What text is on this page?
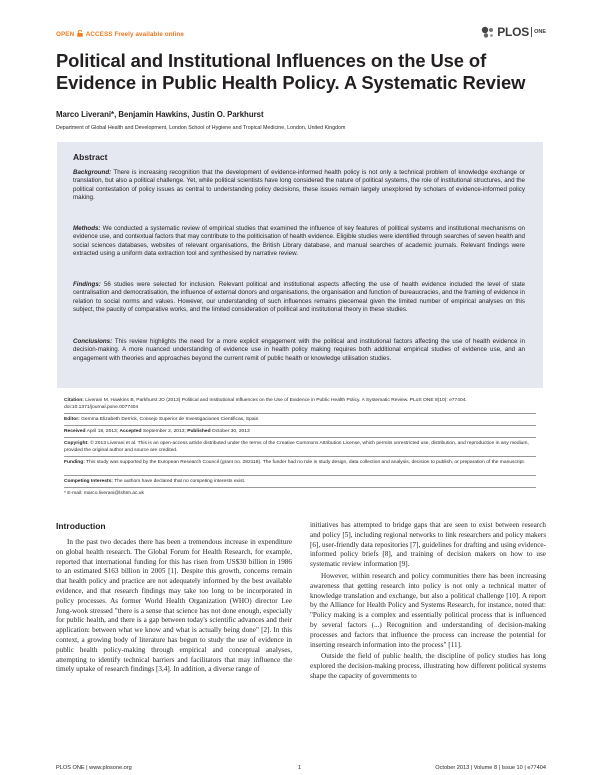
OPEN ACCESS Freely available online	PLOS ONE
Political and Institutional Influences on the Use of Evidence in Public Health Policy. A Systematic Review
Marco Liverani*, Benjamin Hawkins, Justin O. Parkhurst
Department of Global Health and Development, London School of Hygiene and Tropical Medicine, London, United Kingdom
Abstract

Background: There is increasing recognition that the development of evidence-informed health policy is not only a technical problem of knowledge exchange or translation, but also a political challenge. Yet, while political scientists have long considered the nature of political systems, the role of institutional structures, and the political contestation of policy issues as central to understanding policy decisions, these issues remain largely unexplored by scholars of evidence-informed policy making.

Methods: We conducted a systematic review of empirical studies that examined the influence of key features of political systems and institutional mechanisms on evidence use, and contextual factors that may contribute to the politicisation of health evidence. Eligible studies were identified through searches of seven health and social sciences databases, websites of relevant organisations, the British Library database, and manual searches of academic journals. Relevant findings were extracted using a uniform data extraction tool and synthesised by narrative review.

Findings: 56 studies were selected for inclusion. Relevant political and institutional aspects affecting the use of health evidence included the level of state centralisation and democratisation, the influence of external donors and organisations, the organisation and function of bureaucracies, and the framing of evidence in relation to social norms and values. However, our understanding of such influences remains piecemeal given the limited number of empirical analyses on this subject, the paucity of comparative works, and the limited consideration of political and institutional theory in these studies.

Conclusions: This review highlights the need for a more explicit engagement with the political and institutional factors affecting the use of health evidence in decision-making. A more nuanced understanding of evidence use in health policy making requires both additional empirical studies of evidence use, and an engagement with theories and approaches beyond the current remit of public health or knowledge utilisation studies.

Citation: Liverani M, Hawkins B, Parkhurst JO (2013) Political and Institutional Influences on the Use of Evidence in Public Health Policy. A Systematic Review. PLoS ONE 8(10): e77404. doi:10.1371/journal.pone.0077404

Editor: Gemma Elizabeth Derrick, Consejo Superior de Investigaciones Cientificas, Spain

Received April 18, 2013; Accepted September 2, 2013; Published October 30, 2013

Copyright: © 2013 Liverani et al. This is an open-access article distributed under the terms of the Creative Commons Attribution License, which permits unrestricted use, distribution, and reproduction in any medium, provided the original author and source are credited.

Funding: This study was supported by the European Research Council (grant no. 282118). The funder had no role in study design, data collection and analysis, decision to publish, or preparation of the manuscript.

Competing Interests: The authors have declared that no competing interests exist.

* E-mail: marco.liverani@lshtm.ac.uk

Introduction

In the past two decades there has been a tremendous increase in expenditure on global health research. The Global Forum for Health Research, for example, reported that international funding for this has risen from US$30 billion in 1986 to an estimated $163 billion in 2005 [1]. Despite this growth, concerns remain that health policy and practice are not adequately informed by the best available evidence, and that research findings may take too long to be incorporated in policy processes. As former World Health Organization (WHO) director Lee Jong-wook stressed "there is a sense that science has not done enough, especially for public health, and there is a gap between today's scientific advances and their application: between what we know and what is actually being done" [2]. In this context, a growing body of literature has begun to study the use of evidence in public health policy-making through empirical and conceptual analyses, attempting to identify technical barriers and facilitators that may influence the timely uptake of research findings [3,4]. In addition, a diverse range of

initiatives has attempted to bridge gaps that are seen to exist between research and policy [5], including regional networks to link researchers and policy makers [6], user-friendly data repositories [7], guidelines for drafting and using evidence-informed policy briefs [8], and training of decision makers on how to use systematic review information [9].

However, within research and policy communities there has been increasing awareness that getting research into policy is not only a technical matter of knowledge translation and exchange, but also a political challenge [10]. A report by the Alliance for Health Policy and Systems Research, for instance, noted that: "Policy making is a complex and essentially political process that is influenced by several factors (...) Recognition and understanding of decision-making processes and factors that influence the process can increase the potential for inserting research information into the process" [11].

Outside the field of public health, the discipline of policy studies has long explored the decision-making process, illustrating how different political systems shape the capacity of governments to

PLOS ONE | www.plosone.org	1	October 2013 | Volume 8 | Issue 10 | e77404
